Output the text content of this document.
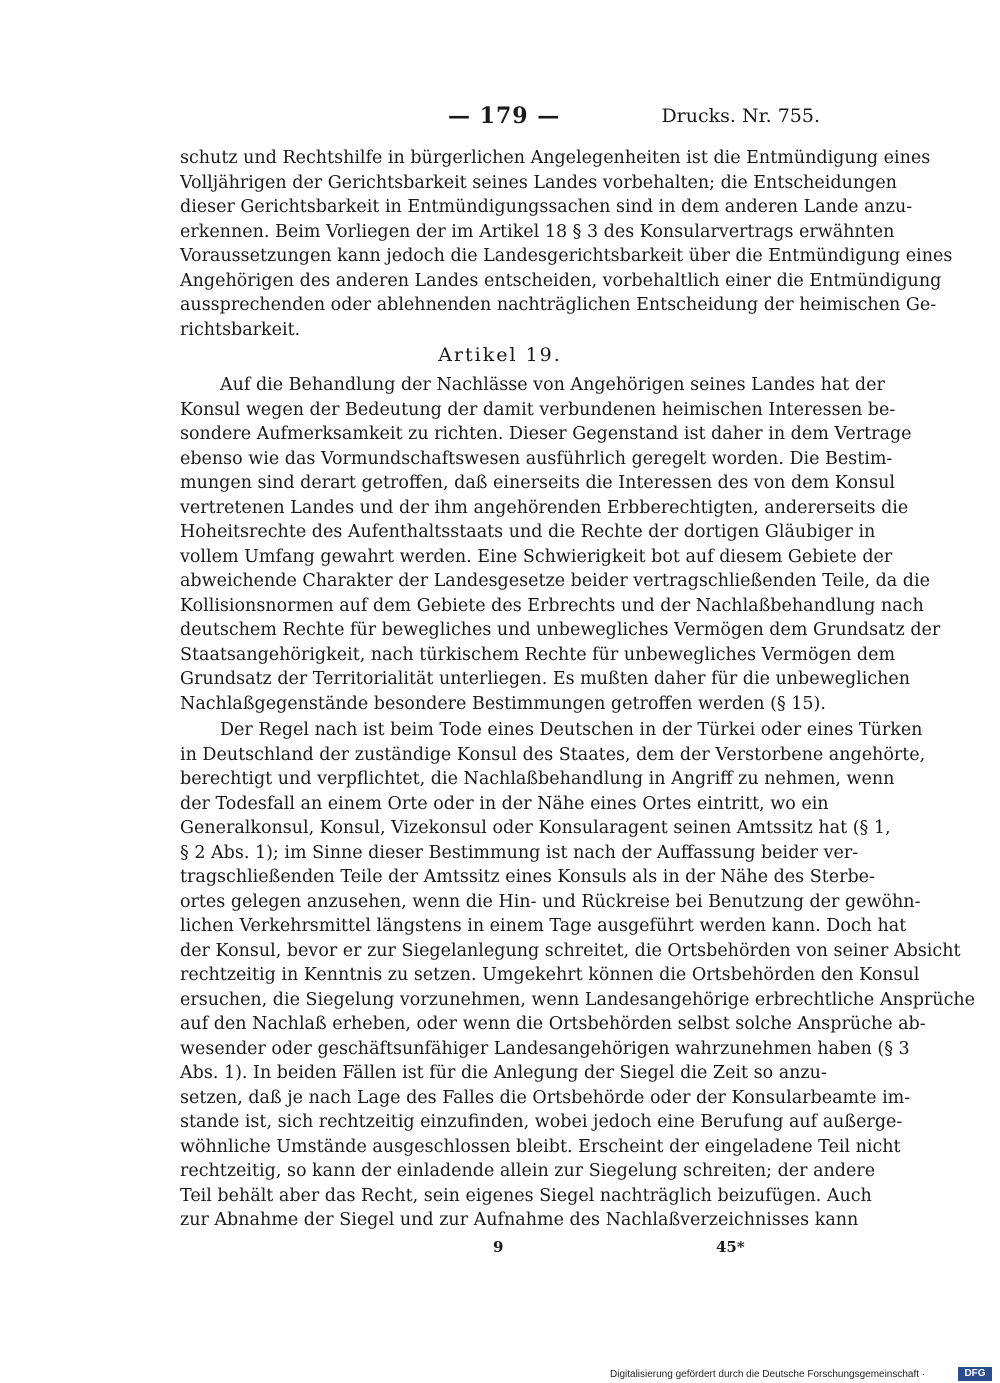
— 179 —	Drucks. Nr. 755.
schutz und Rechtshilfe in bürgerlichen Angelegenheiten ist die Entmündigung eines
Volljährigen der Gerichtsbarkeit seines Landes vorbehalten; die Entscheidungen
dieser Gerichtsbarkeit in Entmündigungssachen sind in dem anderen Lande anzu-
erkennen. Beim Vorliegen der im Artikel 18 § 3 des Konsularvertrags erwähnten
Voraussetzungen kann jedoch die Landesgerichtsbarkeit über die Entmündigung eines
Angehörigen des anderen Landes entscheiden, vorbehaltlich einer die Entmündigung
aussprechenden oder ablehnenden nachträglichen Entscheidung der heimischen Ge-
richtsbarkeit.
Artikel 19.
Auf die Behandlung der Nachlässe von Angehörigen seines Landes hat der
Konsul wegen der Bedeutung der damit verbundenen heimischen Interessen be-
sondere Aufmerksamkeit zu richten. Dieser Gegenstand ist daher in dem Vertrage
ebenso wie das Vormundschaftswesen ausführlich geregelt worden. Die Bestim-
mungen sind derart getroffen, daß einerseits die Interessen des von dem Konsul
vertretenen Landes und der ihm angehörenden Erbberechtigten, andererseits die
Hoheitsrechte des Aufenthaltsstaats und die Rechte der dortigen Gläubiger in
vollem Umfang gewahrt werden. Eine Schwierigkeit bot auf diesem Gebiete der
abweichende Charakter der Landesgesetze beider vertragschließenden Teile, da die
Kollisionsnormen auf dem Gebiete des Erbrechts und der Nachlaßbehandlung nach
deutschem Rechte für bewegliches und unbewegliches Vermögen dem Grundsatz der
Staatsangehörigkeit, nach türkischem Rechte für unbewegliches Vermögen dem
Grundsatz der Territorialität unterliegen. Es mußten daher für die unbeweglichen
Nachlaßgegenstände besondere Bestimmungen getroffen werden (§ 15).
Der Regel nach ist beim Tode eines Deutschen in der Türkei oder eines Türken
in Deutschland der zuständige Konsul des Staates, dem der Verstorbene angehörte,
berechtigt und verpflichtet, die Nachlaßbehandlung in Angriff zu nehmen, wenn
der Todesfall an einem Orte oder in der Nähe eines Ortes eintritt, wo ein
Generalkonsul, Konsul, Vizekonsul oder Konsularagent seinen Amtssitz hat (§ 1,
§ 2 Abs. 1); im Sinne dieser Bestimmung ist nach der Auffassung beider ver-
tragschließenden Teile der Amtssitz eines Konsuls als in der Nähe des Sterbe-
ortes gelegen anzusehen, wenn die Hin- und Rückreise bei Benutzung der gewöhn-
lichen Verkehrsmittel längstens in einem Tage ausgeführt werden kann. Doch hat
der Konsul, bevor er zur Siegelanlegung schreitet, die Ortsbehörden von seiner Absicht
rechtzeitig in Kenntnis zu setzen. Umgekehrt können die Ortsbehörden den Konsul
ersuchen, die Siegelung vorzunehmen, wenn Landesangehörige erbrechtliche Ansprüche
auf den Nachlaß erheben, oder wenn die Ortsbehörden selbst solche Ansprüche ab-
wesender oder geschäftsunfähiger Landesangehörigen wahrzunehmen haben (§ 3
Abs. 1). In beiden Fällen ist für die Anlegung der Siegel die Zeit so anzu-
setzen, daß je nach Lage des Falles die Ortsbehörde oder der Konsularbeamte im-
stande ist, sich rechtzeitig einzufinden, wobei jedoch eine Berufung auf außerge-
wöhnliche Umstände ausgeschlossen bleibt. Erscheint der eingeladene Teil nicht
rechtzeitig, so kann der einladende allein zur Siegelung schreiten; der andere
Teil behält aber das Recht, sein eigenes Siegel nachträglich beizufügen. Auch
zur Abnahme der Siegel und zur Aufnahme des Nachlaßverzeichnisses kann
9	45*
Digitalisierung gefördert durch die Deutsche Forschungsgemeinschaft ·	DFG
